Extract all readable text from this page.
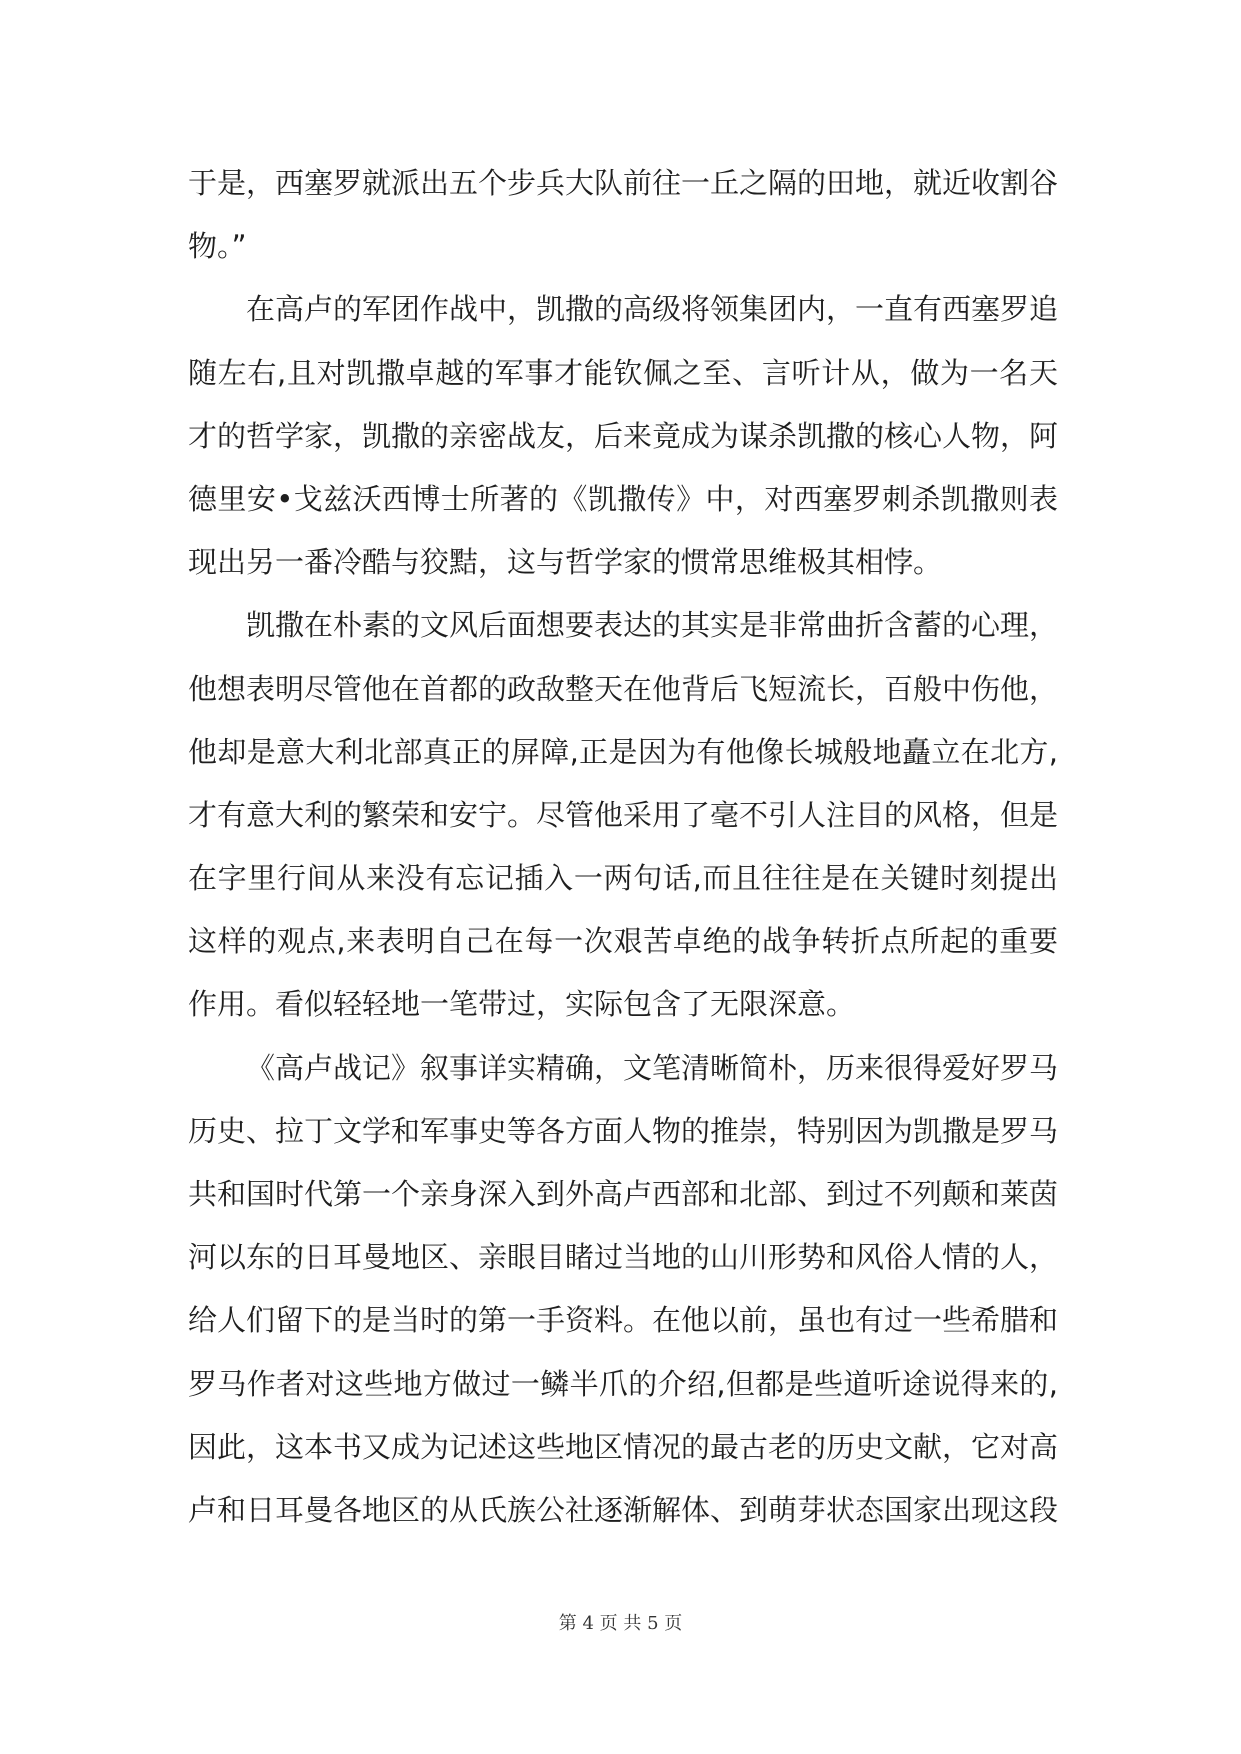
于是，西塞罗就派出五个步兵大队前往一丘之隔的田地，就近收割谷
物。”
在高卢的军团作战中，凯撒的高级将领集团内，一直有西塞罗追
随左右,且对凯撒卓越的军事才能钦佩之至、言听计从，做为一名天
才的哲学家，凯撒的亲密战友，后来竟成为谋杀凯撒的核心人物，阿
德里安•戈兹沃西博士所著的《凯撒传》中，对西塞罗刺杀凯撒则表
现出另一番冷酷与狡黠，这与哲学家的惯常思维极其相悖。
凯撒在朴素的文风后面想要表达的其实是非常曲折含蓄的心理，
他想表明尽管他在首都的政敌整天在他背后飞短流长，百般中伤他，
他却是意大利北部真正的屏障,正是因为有他像长城般地矗立在北方,
才有意大利的繁荣和安宁。尽管他采用了毫不引人注目的风格，但是
在字里行间从来没有忘记插入一两句话,而且往往是在关键时刻提出
这样的观点,来表明自己在每一次艰苦卓绝的战争转折点所起的重要
作用。看似轻轻地一笔带过，实际包含了无限深意。
《高卢战记》叙事详实精确，文笔清晰简朴，历来很得爱好罗马
历史、拉丁文学和军事史等各方面人物的推崇，特别因为凯撒是罗马
共和国时代第一个亲身深入到外高卢西部和北部、到过不列颠和莱茵
河以东的日耳曼地区、亲眼目睹过当地的山川形势和风俗人情的人，
给人们留下的是当时的第一手资料。在他以前，虽也有过一些希腊和
罗马作者对这些地方做过一鳞半爪的介绍,但都是些道听途说得来的,
因此，这本书又成为记述这些地区情况的最古老的历史文献，它对高
卢和日耳曼各地区的从氏族公社逐渐解体、到萌芽状态国家出现这段
第 4 页 共 5 页
